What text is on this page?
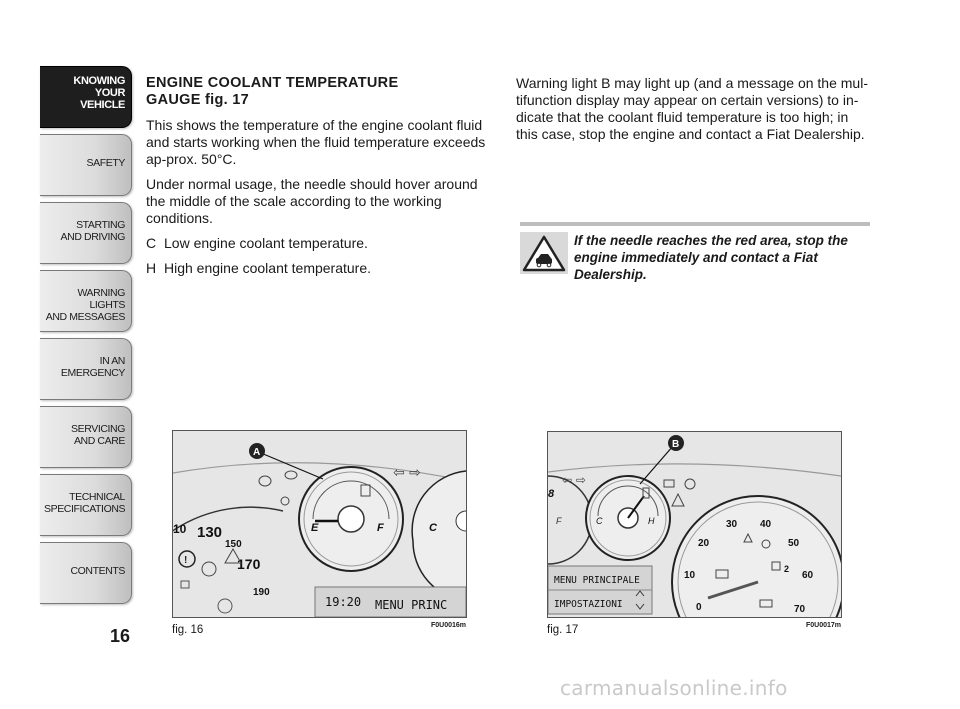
KNOWING
YOUR
VEHICLE
SAFETY
STARTING
AND DRIVING
WARNING LIGHTS
AND MESSAGES
IN AN
EMERGENCY
SERVICING
AND CARE
TECHNICAL
SPECIFICATIONS
CONTENTS
16
ENGINE COOLANT TEMPERATURE
GAUGE fig. 17

This shows the temperature of the engine coolant fluid and starts working when the fluid temperature exceeds ap-prox. 50°C.

Under normal usage, the needle should hover around the middle of the scale according to the working conditions.

C Low engine coolant temperature.
H High engine coolant temperature.

Warning light B may light up (and a message on the mul-tifunction display may appear on certain versions) to in-dicate that the coolant fluid temperature is too high; in this case, stop the engine and contact a Fiat Dealership.

If the needle reaches the red area, stop the engine immediately and contact a Fiat Dealership.
10 130
150
170
190
!
E	F
A
⇦ ⇨
C
19:20 MENU PRINC
fig. 16	F0U0016m
8
F
⇦ ⇨
C	H
B
0
10
20
30 40
50
60
70
2
MENU PRINCIPALE
IMPOSTAZIONI
fig. 17	F0U0017m
carmanualsonline.info
